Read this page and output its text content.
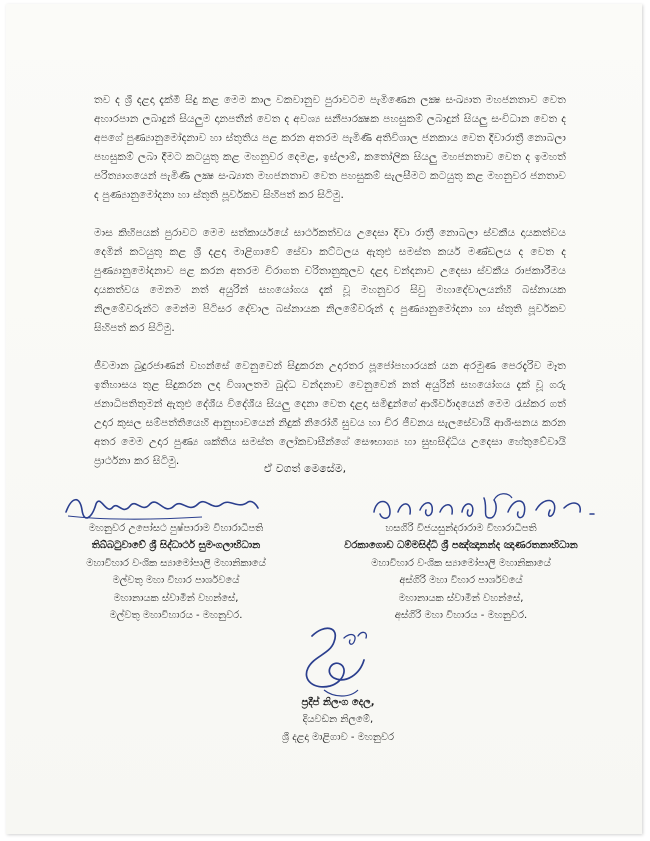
තව ද ශ්‍රී දළදා දැක්මී සිදු කළ මෙම කාල වකවානුව පුරාවටම පැමිණෙන ලක්‍ෂ සංඛ්‍යාත මහජනතාව වෙත අහාරපාන ලබාදුන් සියලුම දානපතීන් වෙත ද අවශ්‍ය සනීපාරක්‍ෂක පහසුකම් ලබාදුන් සියලු සංවිධාන වෙත ද අපගේ පුණ්‍යානුමෝදනාව හා ස්තුතිය පළ කරන අතරම පැමිණි අතිවිශාල ජනකාය වෙත දිවාරාත්‍රී නොබලා පහසුකම් ලබා දීමට කටයුතු කළ මහනුවර දෙමළ, ඉස්ලාම්, කතෝලික සියලු මහජනතාව වෙත ද ඉමහත් පරිත්‍යාගයෙන් පැමිණි ලක්‍ෂ සංඛ්‍යාත මහජනතාව වෙත පහසුකම් සැලසීමට කටයුතු කළ මහනුවර ජනතාව ද පුණ්‍යානුමෝදනා හා ස්තුති පූර්වකව සිහිපත් කර සිටිමු.

මාස කිහිපයක් පුරාවට මෙම සත්කාර්යයේ සාර්ථකත්වය උදෙසා දිවා රාත්‍රී නොබලා ස්වකීය දායකත්වය දෙමින් කටයුතු කළ ශ්‍රී දළදා මාළිගාවේ සේවා කට්ටලය ඇතුළු සමස්ත කර්ය මණ්ඩලය ද වෙත ද පුණ්‍යානුමෝදනාව පළ කරන අතරම චිරාගත චරිතානුකූලව දළදා වන්දනාව උදෙසා ස්වකීය රාජකාරීමය දායකත්වය මෙනම නත් අයුරින් සහයෝගය දැක් වූ මහනුවර සිවු මහාදේවාලයන්හි බස්නායක නිලමේවරුන්ට මෙන්ම පිටිසර දේවාල බස්නායක නිලමේවරුන් ද පුණ්‍යානුමෝදනා හා ස්තුති පූර්වකව සිහිපත් කර සිටිමු.

ජීවමාන බුදුරජාණන් වහන්සේ වෙනුවෙන් සිදුකරන උදාරතර පූජෝපහාරයක් යන අරමුණ පෙරදැරිව මෑත ඉතිහාසය තුළ සිදුකරන ලද විශාලතම බුද්ධ වන්දනාව වෙනුවෙන් නත් අයුරින් සහයෝගය දැක් වූ ගරු ජනාධිපතිතුමන් ඇතුළු දේශීය විදේශීය සියලු දෙනා වෙත දළදා සමිඳුන්ගේ ආශීර්වාදයෙන් මෙම රැස්කර ගත් උදාර කුසල සම්පත්තියෙහි ආනුභාවයෙන් නිදුක් නිරෝගී සුවය හා චිර ජීවනය සැලසේවායි ආශිංසනය කරන අතර මෙම උදාර පුණ්‍ය ශක්තිය සමස්ත ලෝකවාසීන්ගේ සෞභාග්‍ය හා සුභසිද්ධිය උදෙසා හේතුවේවායි ප්‍රාර්ථනා කර සිටිමු.

ඒ වගත් මෙසේම,

මහනුවර උපෝසථ පුෂ්පාරාම විහාරාධිපති
තිබ්බටුවාවේ ශ්‍රී සිද්ධාර්ථ සුමංගලාභිධාන
මහාවිහාර වංශික ස්‍යාමෝපාලි මහානිකායේ
මල්වතු මහා විහාර පාර්ශවයේ
මහානායක ස්වාමීන් වහන්සේ,
මල්වතු මහාවිහාරය - මහනුවර.
හසගිරි විජයසුන්දරාරාම විහාරාධිපති
වරකාගොඩ ධම්මසිද්ධි ශ්‍රී පඤ්ඤානන්ද ඤාණරතනාභිධාන
මහාවිහාර වංශික ස්‍යාමෝපාලි මහානිකායේ
අස්ගිරි මහා විහාර පාර්ශවයේ
මහානායක ස්වාමීන් වහන්සේ,
අස්ගිරි මහා විහාරය - මහනුවර.
ප්‍රදීප් නිලංග දෙල,
දියවඩන නිලමේ,
ශ්‍රී දළදා මාළිගාව - මහනුවර
